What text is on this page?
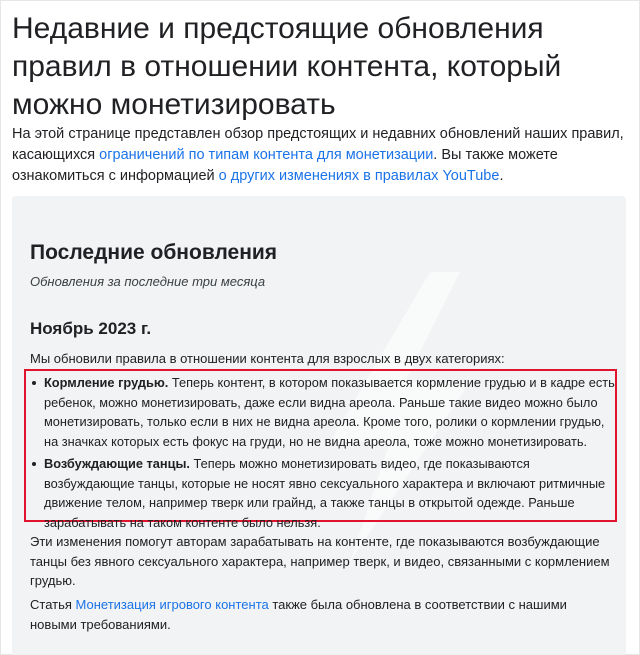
Недавние и предстоящие обновления правил в отношении контента, который можно монетизировать

На этой странице представлен обзор предстоящих и недавних обновлений наших правил, касающихся ограничений по типам контента для монетизации. Вы также можете ознакомиться с информацией о других изменениях в правилах YouTube.

Последние обновления

Обновления за последние три месяца

Ноябрь 2023 г.

Мы обновили правила в отношении контента для взрослых в двух категориях:

Кормление грудью. Теперь контент, в котором показывается кормление грудью и в кадре есть ребенок, можно монетизировать, даже если видна ареола. Раньше такие видео можно было монетизировать, только если в них не видна ареола. Кроме того, ролики о кормлении грудью, на значках которых есть фокус на груди, но не видна ареола, тоже можно монетизировать.
Возбуждающие танцы. Теперь можно монетизировать видео, где показываются возбуждающие танцы, которые не носят явно сексуального характера и включают ритмичные движение телом, например тверк или грайнд, а также танцы в открытой одежде. Раньше зарабатывать на таком контенте было нельзя.

Эти изменения помогут авторам зарабатывать на контенте, где показываются возбуждающие танцы без явного сексуального характера, например тверк, и видео, связанными с кормлением грудью.

Статья Монетизация игрового контента также была обновлена в соответствии с нашими новыми требованиями.
